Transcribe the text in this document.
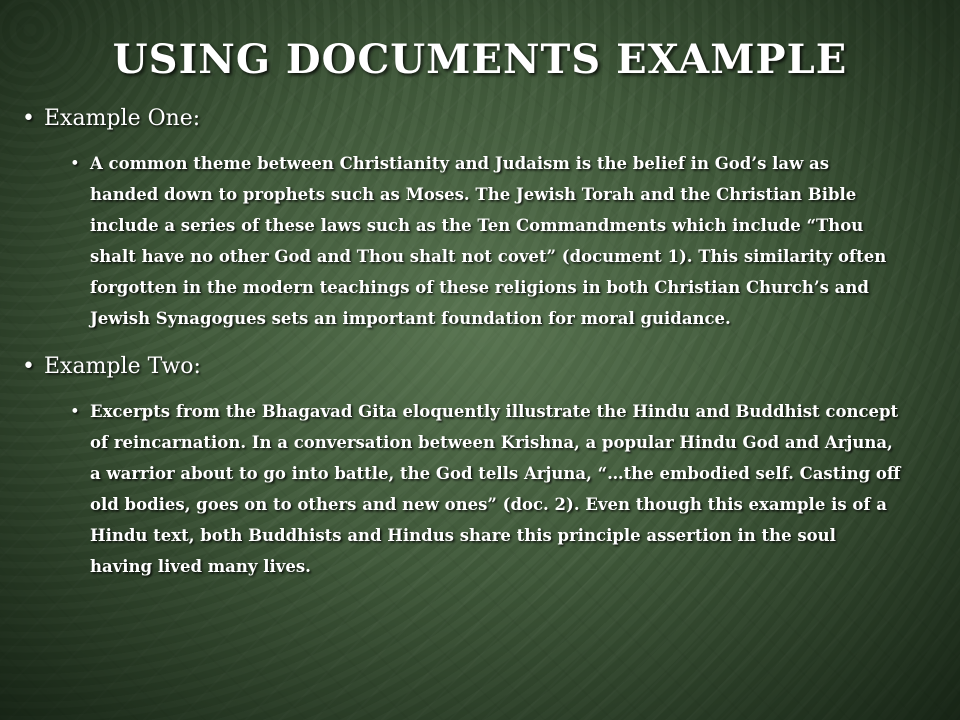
USING DOCUMENTS EXAMPLE
• Example One:
• A common theme between Christianity and Judaism is the belief in God’s law as handed down to prophets such as Moses. The Jewish Torah and the Christian Bible include a series of these laws such as the Ten Commandments which include “Thou shalt have no other God and Thou shalt not covet” (document 1). This similarity often forgotten in the modern teachings of these religions in both Christian Church’s and Jewish Synagogues sets an important foundation for moral guidance.
• Example Two:
• Excerpts from the Bhagavad Gita eloquently illustrate the Hindu and Buddhist concept of reincarnation. In a conversation between Krishna, a popular Hindu God and Arjuna, a warrior about to go into battle, the God tells Arjuna, “…the embodied self. Casting off old bodies, goes on to others and new ones” (doc. 2). Even though this example is of a Hindu text, both Buddhists and Hindus share this principle assertion in the soul having lived many lives.
